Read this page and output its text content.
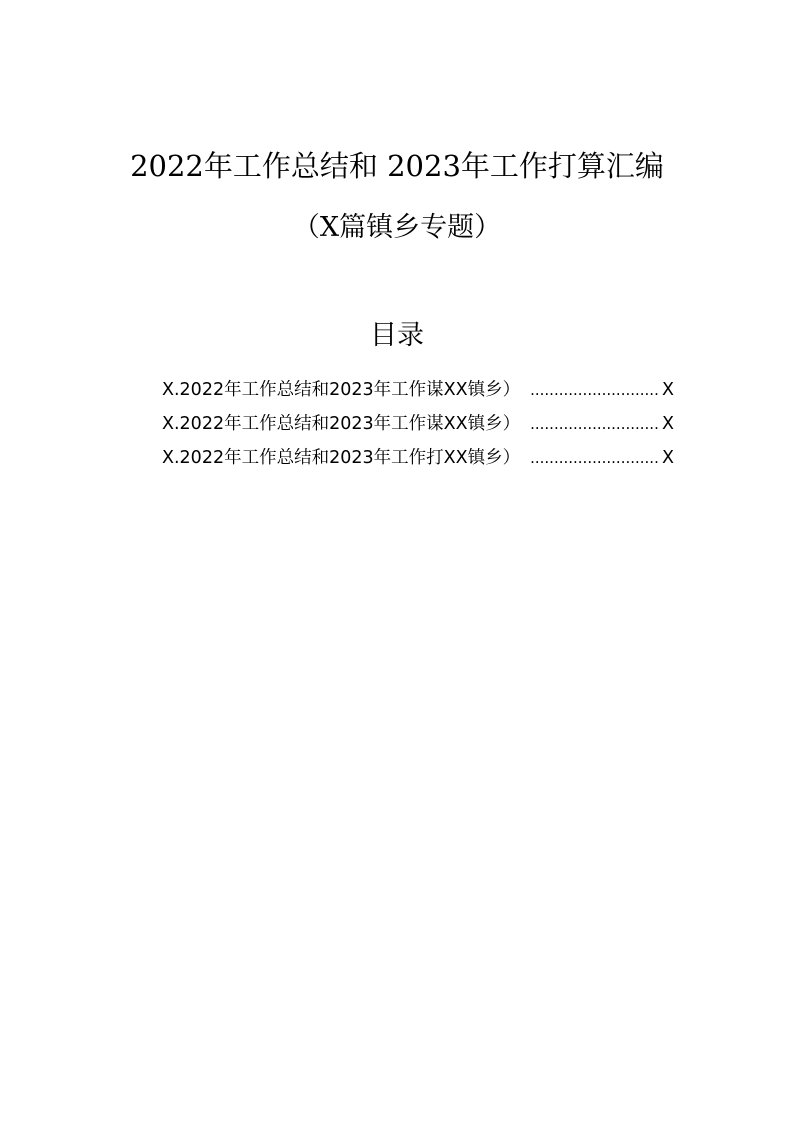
2022年工作总结和 2023年工作打算汇编
（X篇镇乡专题）
目录
X.2022年工作总结和2023年工作谋XX镇乡） .....	X
X.2022年工作总结和2023年工作谋XX镇乡） .....	X
X.2022年工作总结和2023年工作打XX镇乡） .....	X
